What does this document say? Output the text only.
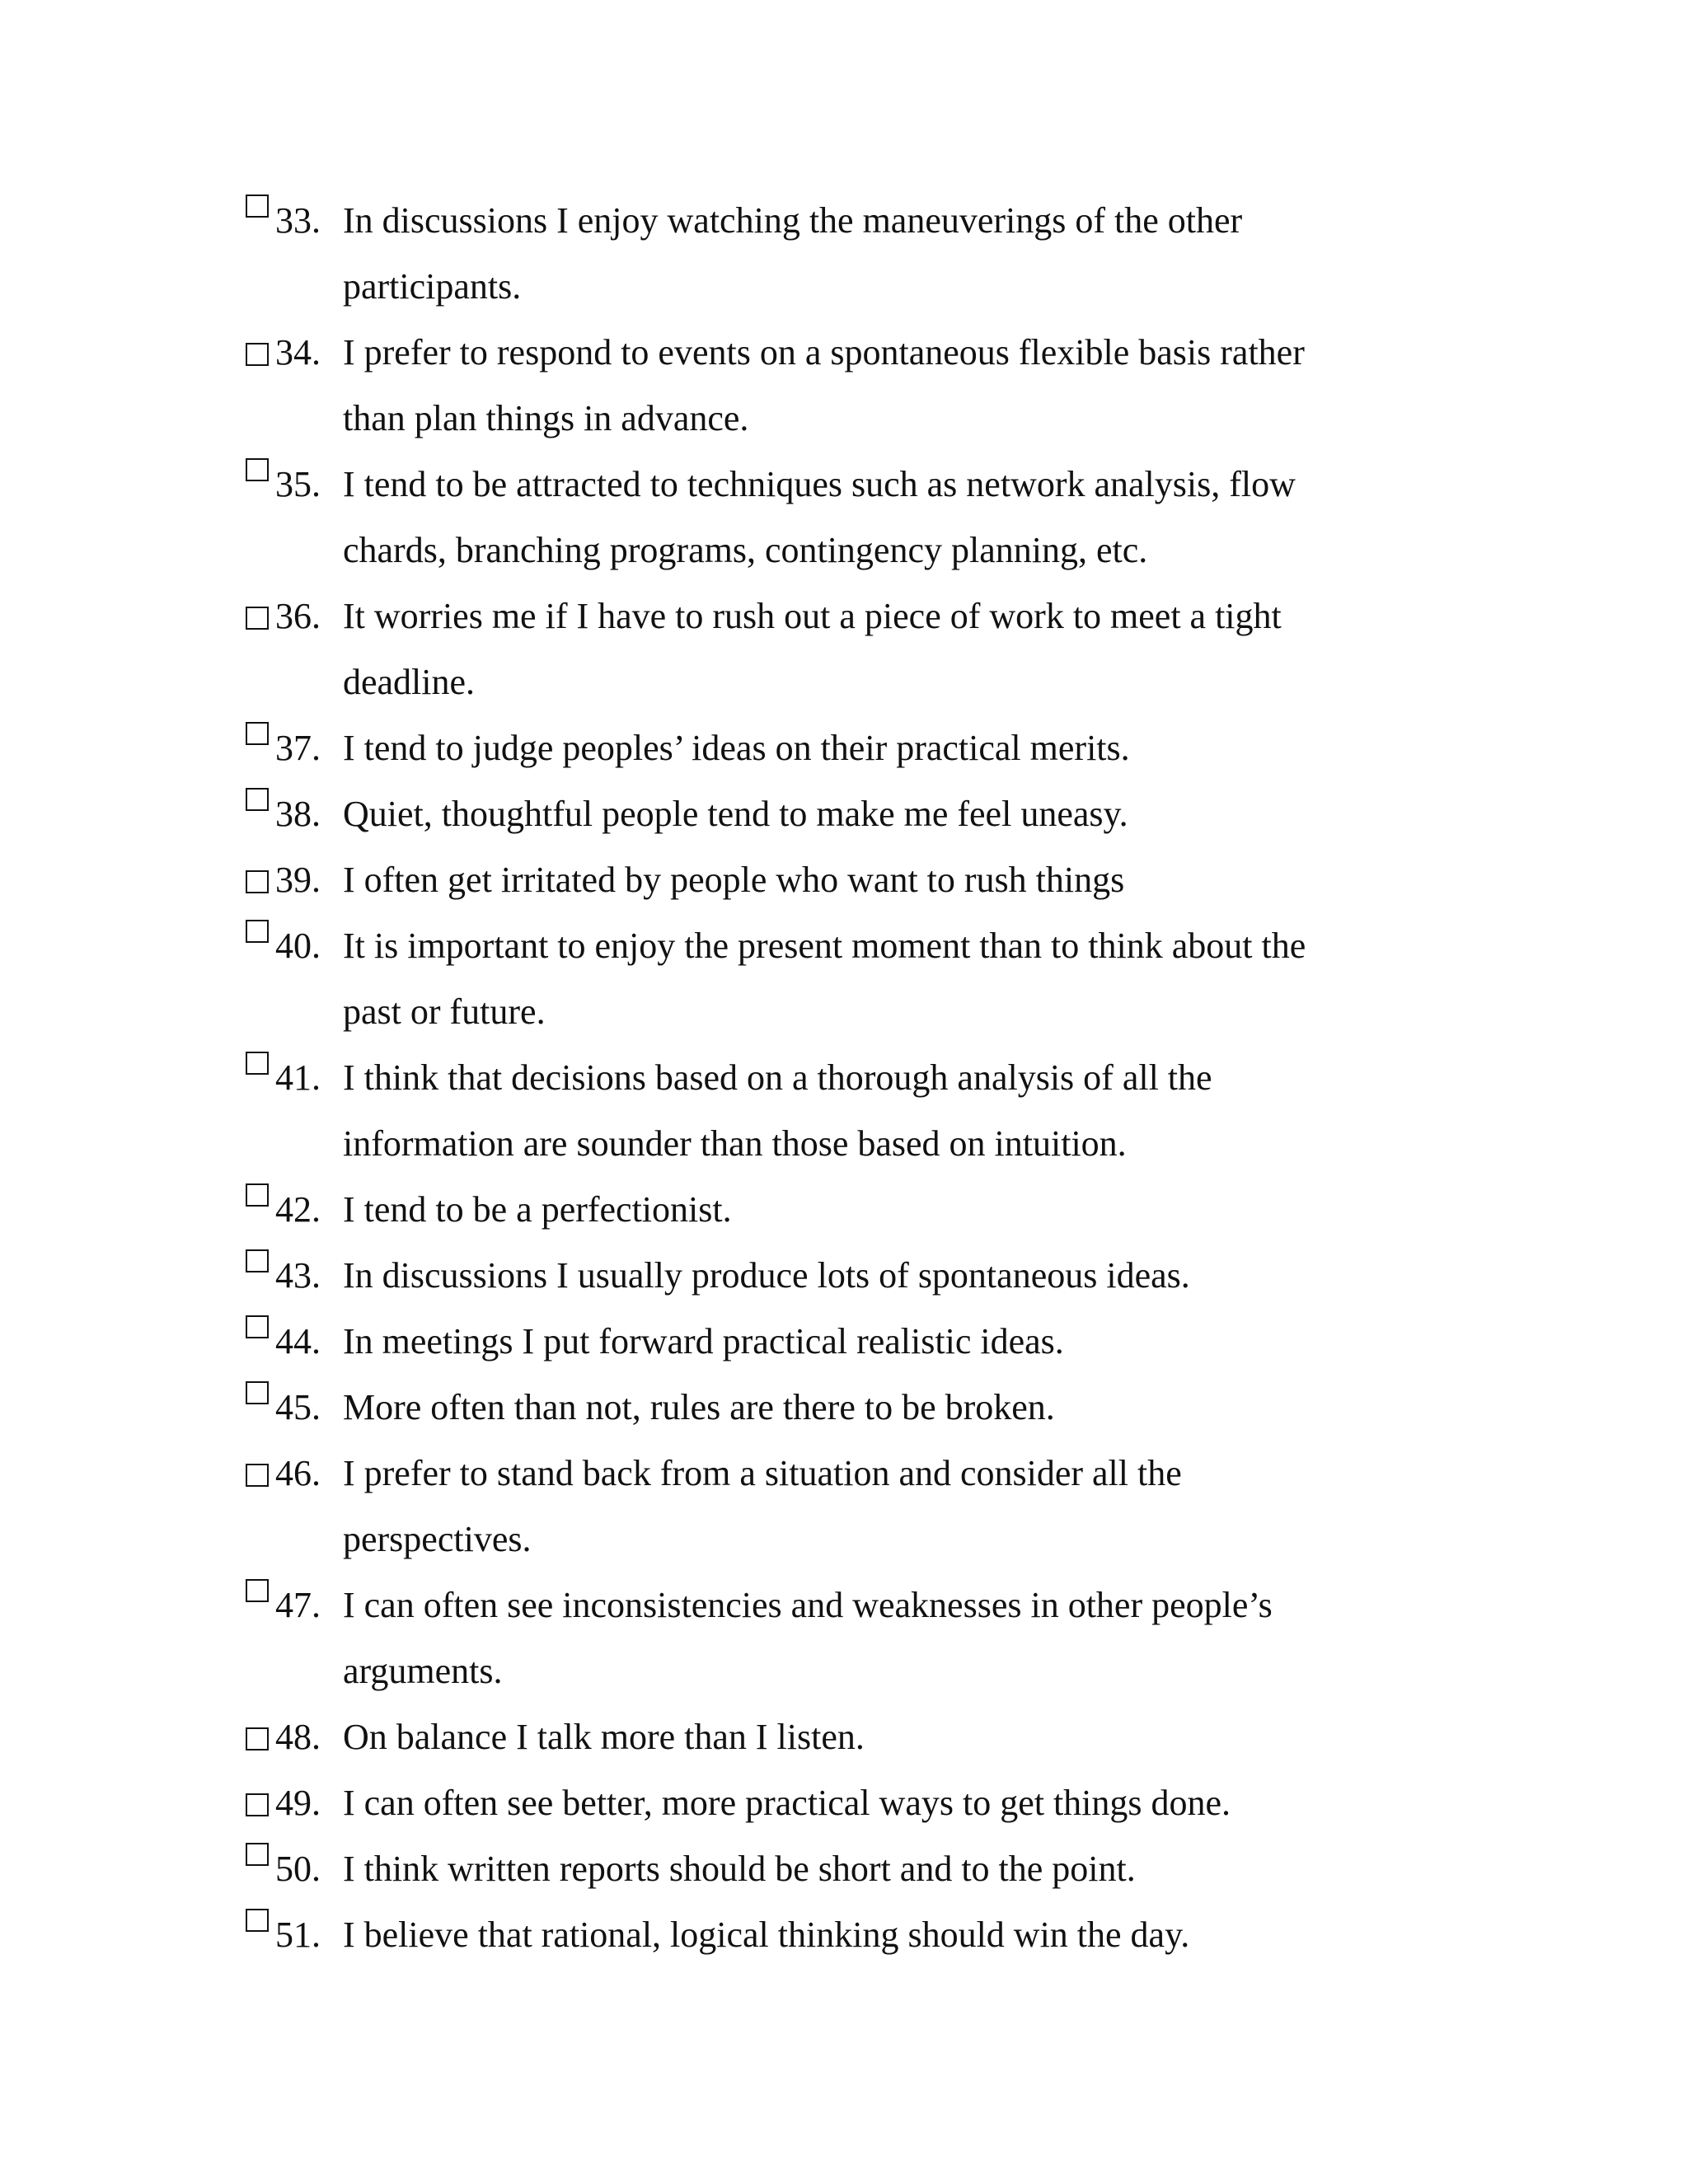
33. In discussions I enjoy watching the maneuverings of the other
participants.
34. I prefer to respond to events on a spontaneous flexible basis rather
than plan things in advance.
35. I tend to be attracted to techniques such as network analysis, flow
chards, branching programs, contingency planning, etc.
36. It worries me if I have to rush out a piece of work to meet a tight
deadline.
37. I tend to judge peoples’ ideas on their practical merits.
38. Quiet, thoughtful people tend to make me feel uneasy.
39. I often get irritated by people who want to rush things
40. It is important to enjoy the present moment than to think about the
past or future.
41. I think that decisions based on a thorough analysis of all the
information are sounder than those based on intuition.
42. I tend to be a perfectionist.
43. In discussions I usually produce lots of spontaneous ideas.
44. In meetings I put forward practical realistic ideas.
45. More often than not, rules are there to be broken.
46. I prefer to stand back from a situation and consider all the
perspectives.
47. I can often see inconsistencies and weaknesses in other people’s
arguments.
48. On balance I talk more than I listen.
49. I can often see better, more practical ways to get things done.
50. I think written reports should be short and to the point.
51. I believe that rational, logical thinking should win the day.
